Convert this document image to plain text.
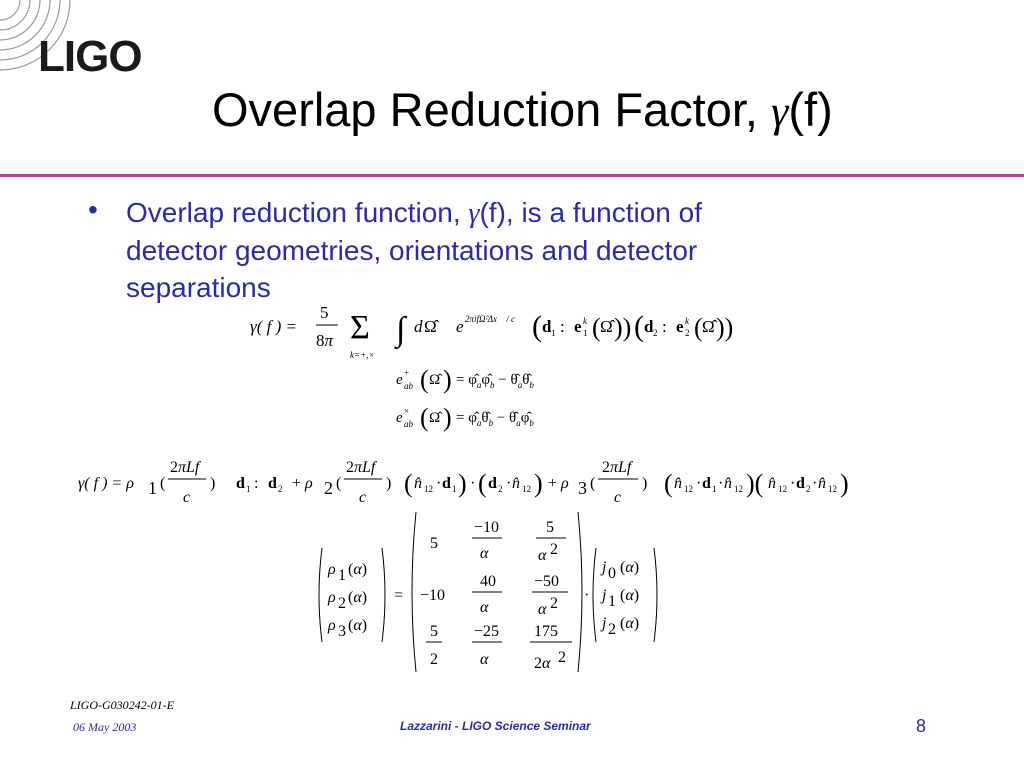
LIGO
Overlap Reduction Factor, γ(f)
• Overlap reduction function, γ(f), is a function of
detector geometries, orientations and detector
separations
γ( f ) =
5
8π Σ
k=+,×
∫ d Ω̂ e 2πifΩ̂·Δx⃗ / c ( d 1 : e 1
k ( Ω̂ )) ( d 2 : e 2
k ( Ω̂ ))
e +
ab ( Ω̂ ) = $\varphî_a\varphî_b$ − $\thetâ_a\thetâ_b$
e ×
ab ( Ω̂ ) = $\varphî_a\thetâ_b$ − $\thetâ_a\varphî_b$
γ( f ) = ρ 1 (
2πLf
c
) d 1 : d 2 + ρ 2 (
2πLf
c
) ( n̂ 12 · d 1 ) · ( d 2 · n̂ 12 ) + ρ 3 (
2πLf
c
) ( n̂ 12 · d 1 · n̂ 12 )( n̂ 12 · d 2 · n̂ 12 )
ρ 1 (α)
ρ 2 (α)
ρ 3 (α)
=
5
−10
α
5
α 2
−10
40
α
−50
α 2
5
2
−25
α
175
2α 2
·
j 0 (α)
j 1 (α)
j 2 (α)
LIGO-G030242-01-E
06 May 2003	Lazzarini - LIGO Science Seminar	8
